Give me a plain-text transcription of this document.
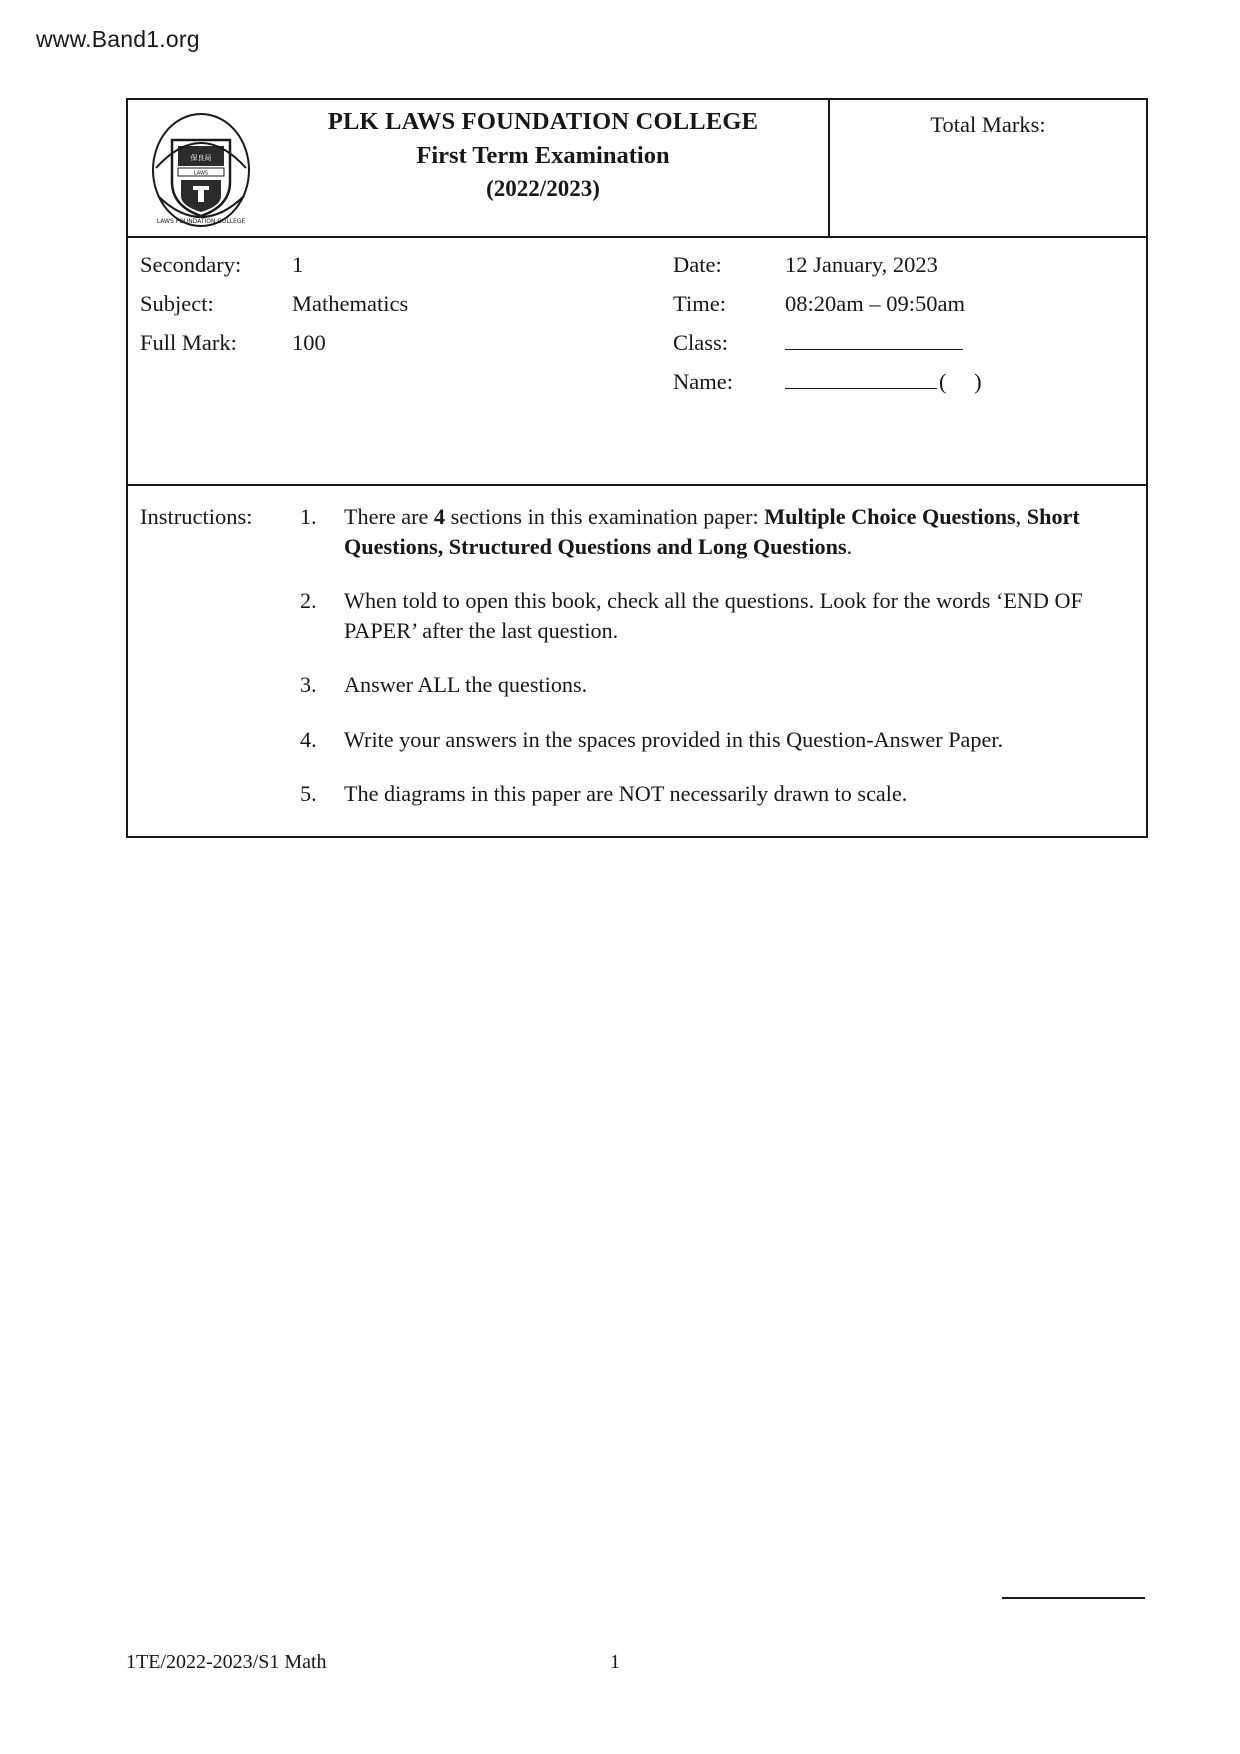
www.Band1.org
保良局
LAWS
LAWS FOUNDATION COLLEGE
PLK LAWS FOUNDATION COLLEGE
First Term Examination
(2022/2023)
Total Marks:
Secondary:	1
Subject:	Mathematics
Full Mark:	100
Date:	12 January, 2023
Time:	08:20am – 09:50am
Class:
Name:	( )
Instructions: 1. There are 4 sections in this examination paper: Multiple Choice Questions, Short Questions, Structured Questions and Long Questions.
2. When told to open this book, check all the questions. Look for the words ‘END OF PAPER’ after the last question.
3. Answer ALL the questions.
4. Write your answers in the spaces provided in this Question-Answer Paper.
5. The diagrams in this paper are NOT necessarily drawn to scale.
1TE/2022-2023/S1 Math	1
